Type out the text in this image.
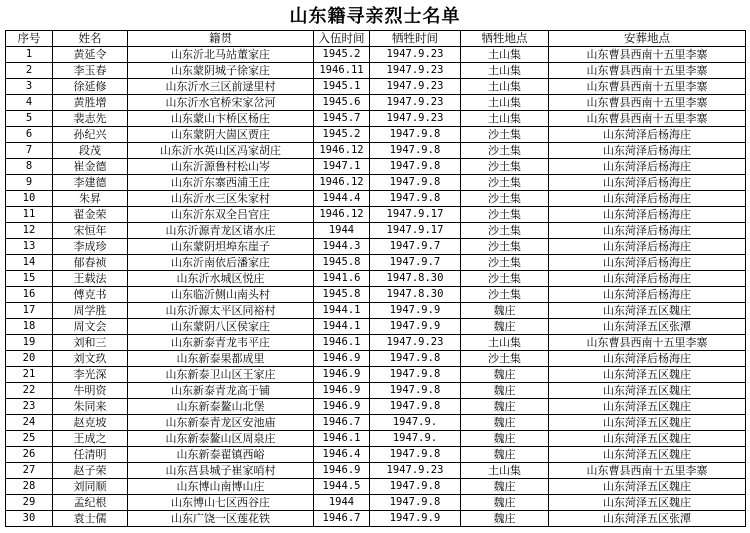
山东籍寻亲烈士名单
序号	姓名	籍贯	入伍时间	牺牲时间	牺牲地点	安葬地点
1	黄延令	山东沂北马站董家庄	1945.2	1947.9.23	土山集	山东曹县西南十五里李寨
2	李玉春	山东蒙阴城子徐家庄	1946.11	1947.9.23	土山集	山东曹县西南十五里李寨
3	徐延修	山东沂水三区前逯里村	1945.1	1947.9.23	土山集	山东曹县西南十五里李寨
4	黄胜增	山东沂水官桥宋家岔河	1945.6	1947.9.23	土山集	山东曹县西南十五里李寨
5	裴志先	山东蒙山卞桥区杨庄	1945.7	1947.9.23	土山集	山东曹县西南十五里李寨
6	孙纪兴	山东蒙阴大崮区贾庄	1945.2	1947.9.8	沙土集	山东菏泽后杨海庄
7	段茂	山东沂水英山区冯家胡庄	1946.12	1947.9.8	沙土集	山东菏泽后杨海庄
8	崔金德	山东沂源鲁村松山岑	1947.1	1947.9.8	沙土集	山东菏泽后杨海庄
9	李建德	山东沂东寨西浦王庄	1946.12	1947.9.8	沙土集	山东菏泽后杨海庄
10	朱昇	山东沂水三区朱家村	1944.4	1947.9.8	沙土集	山东菏泽后杨海庄
11	翟金荣	山东沂东双全吕官庄	1946.12	1947.9.17	沙土集	山东菏泽后杨海庄
12	宋恒年	山东沂源青龙区诸水庄	1944	1947.9.17	沙土集	山东菏泽后杨海庄
13	李成珍	山东蒙阴坦埠东崖子	1944.3	1947.9.7	沙土集	山东菏泽后杨海庄
14	郁春祯	山东沂南依后潘家庄	1945.8	1947.9.7	沙土集	山东菏泽后杨海庄
15	王载法	山东沂水城区悦庄	1941.6	1947.8.30	沙土集	山东菏泽后杨海庄
16	傅克书	山东临沂侧山南头村	1945.8	1947.8.30	沙土集	山东菏泽后杨海庄
17	周学胜	山东沂源太平区同裕村	1944.1	1947.9.9	魏庄	山东菏泽五区魏庄
18	周文会	山东蒙阴八区侯家庄	1944.1	1947.9.9	魏庄	山东菏泽五区张潭
19	刘和三	山东新泰青龙韦平庄	1946.1	1947.9.23	土山集	山东曹县西南十五里李寨
20	刘文玖	山东新泰果都成里	1946.9	1947.9.8	沙土集	山东菏泽后杨海庄
21	李光深	山东新泰卫山区王家庄	1946.9	1947.9.8	魏庄	山东菏泽五区魏庄
22	牛明资	山东新泰青龙高于铺	1946.9	1947.9.8	魏庄	山东菏泽五区魏庄
23	朱同来	山东新泰鳌山北堡	1946.9	1947.9.8	魏庄	山东菏泽五区魏庄
24	赵克坡	山东新泰青龙区安池庙	1946.7	1947.9.	魏庄	山东菏泽五区魏庄
25	王成之	山东新泰鳌山区周泉庄	1946.1	1947.9.	魏庄	山东菏泽五区魏庄
26	任清明	山东新泰翟镇西峪	1946.4	1947.9.8	魏庄	山东菏泽五区魏庄
27	赵子荣	山东莒县城子崔家哨村	1946.9	1947.9.23	土山集	山东曹县西南十五里李寨
28	刘同顺	山东博山南博山庄	1944.5	1947.9.8	魏庄	山东菏泽五区魏庄
29	孟纪根	山东博山七区西谷庄	1944	1947.9.8	魏庄	山东菏泽五区魏庄
30	袁士儒	山东广饶一区莲花铁	1946.7	1947.9.9	魏庄	山东菏泽五区张潭
